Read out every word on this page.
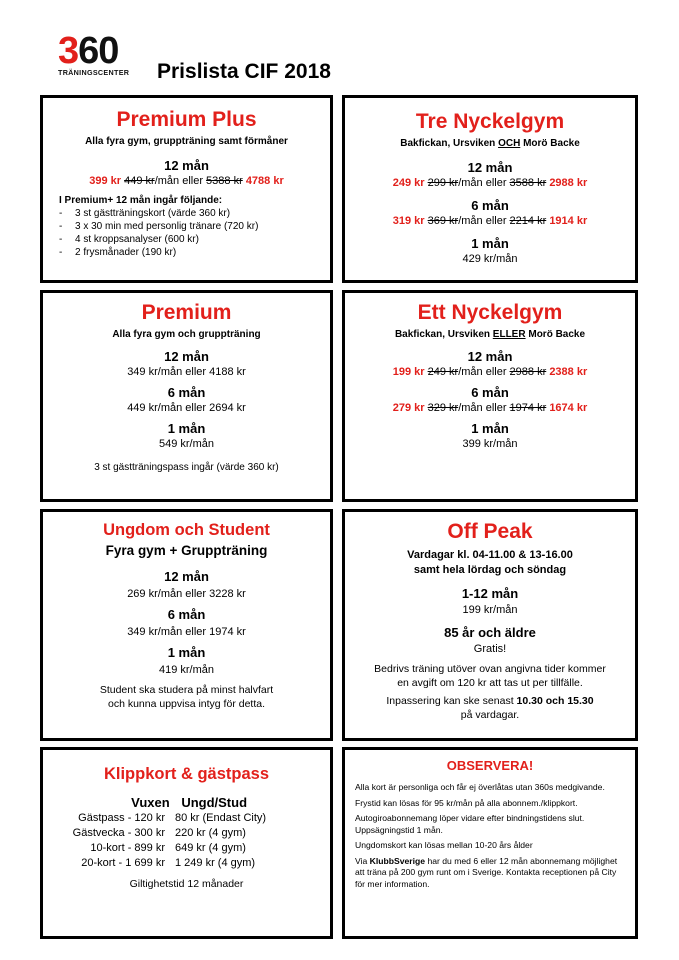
3 60
TRÄNINGSCENTER	Prislista CIF 2018
Premium Plus
Alla fyra gym, gruppträning samt förmåner
12 mån
399 kr 449 kr/mån eller 5388 kr 4788 kr
I Premium+ 12 mån ingår följande:
- 3 st gästträningskort (värde 360 kr)
- 3 x 30 min med personlig tränare (720 kr)
- 4 st kroppsanalyser (600 kr)
- 2 frysmånader (190 kr)
Tre Nyckelgym
Bakfickan, Ursviken OCH Morö Backe
12 mån
249 kr 299 kr/mån eller 3588 kr 2988 kr
6 mån
319 kr 369 kr/mån eller 2214 kr 1914 kr
1 mån
429 kr/mån
Premium
Alla fyra gym och gruppträning
12 mån
349 kr/mån eller 4188 kr
6 mån
449 kr/mån eller 2694 kr
1 mån
549 kr/mån
3 st gästträningspass ingår (värde 360 kr)
Ett Nyckelgym
Bakfickan, Ursviken ELLER Morö Backe
12 mån
199 kr 249 kr/mån eller 2988 kr 2388 kr
6 mån
279 kr 329 kr/mån eller 1974 kr 1674 kr
1 mån
399 kr/mån
Ungdom och Student
Fyra gym + Gruppträning
12 mån
269 kr/mån eller 3228 kr
6 mån
349 kr/mån eller 1974 kr
1 mån
419 kr/mån
Student ska studera på minst halvfart
och kunna uppvisa intyg för detta.
Off Peak
Vardagar kl. 04-11.00 & 13-16.00
samt hela lördag och söndag
1-12 mån
199 kr/mån
85 år och äldre
Gratis!
Bedrivs träning utöver ovan angivna tider kommer
en avgift om 120 kr att tas ut per tillfälle.
Inpassering kan ske senast 10.30 och 15.30
på vardagar.
Klippkort & gästpass
Vuxen Ungd/Stud
Gästpass - 120 kr 80 kr (Endast City)
Gästvecka - 300 kr 220 kr (4 gym)
10-kort - 899 kr 649 kr (4 gym)
20-kort - 1 699 kr 1 249 kr (4 gym)
Giltighetstid 12 månader
OBSERVERA!

Alla kort är personliga och får ej överlåtas utan 360s medgivande.

Frystid kan lösas för 95 kr/mån på alla abonnem./klippkort.

Autogiroabonnemang löper vidare efter bindningstidens slut. Uppsägningstid 1 mån.

Ungdomskort kan lösas mellan 10-20 års ålder

Via KlubbSverige har du med 6 eller 12 mån abonnemang möjlighet att träna på 200 gym runt om i Sverige. Kontakta receptionen på City för mer information.
